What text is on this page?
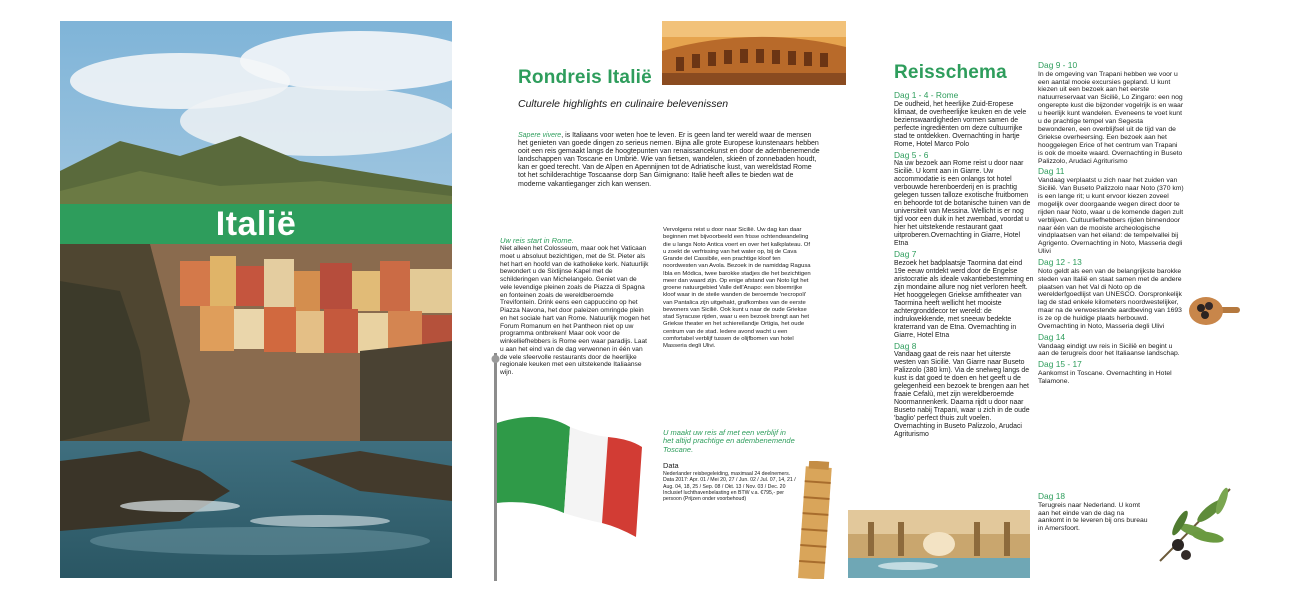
Italië
Rondreis Italië
Culturele highlights en culinaire belevenissen
Sapere vivere, is Italiaans voor weten hoe te leven. Er is geen land ter wereld waar de mensen het genieten van goede dingen zo serieus nemen. Bijna alle grote Europese kunstenaars hebben ooit een reis gemaakt langs de hoogtepunten van renaissancekunst en door de adembenemende landschappen van Toscane en Umbrië. Wie van fietsen, wandelen, skieën of zonnebaden houdt, kan er goed terecht. Van de Alpen en Apennijnen tot de Adriatische kust, van wereldstad Rome tot het schilderachtige Toscaanse dorp San Gimignano: Italië heeft alles te bieden wat de moderne vakantieganger zich kan wensen.
Uw reis start in Rome.
Niet alleen het Colosseum, maar ook het Vaticaan moet u absoluut bezichtigen, met de St. Pieter als het hart en hoofd van de katholieke kerk. Natuurlijk bewondert u de Sixtijnse Kapel met de schilderingen van Michelangelo. Geniet van de vele levendige pleinen zoals de Piazza di Spagna en fonteinen zoals de wereldberoemde Trevifontein. Drink eens een cappuccino op het Piazza Navona, het door paleizen omringde plein en het sociale hart van Rome. Natuurlijk mogen het Forum Romanum en het Pantheon niet op uw programma ontbreken! Maar ook voor de winkelliefhebbers is Rome een waar paradijs. Laat u aan het eind van de dag verwennen in één van de vele sfeervolle restaurants door de heerlijke regionale keuken met een uitstekende Italiaanse wijn.
Vervolgens reist u door naar Sicilië. Uw dag kan daar beginnen met bijvoorbeeld een frisse ochtendwandeling die u langs Noto Antica voert en over het kalkplateau. Of u zoekt de verfrissing van het water op, bij de Cava Grande del Cassibile, een prachtige kloof ten noordwesten van Avola. Bezoek in de namiddag Ragusa Ibla en Módica, twee barokke stadjes die het bezichtigen meer dan waard zijn. Op enige afstand van Noto ligt het groene natuurgebied Valle dell'Anapo: een bloemrijke kloof waar in de steile wanden de beroemde 'necropoli' van Pantalica zijn uitgehakt, grafkombes van de eerste bewoners van Sicilië. Ook kunt u naar de oude Griekse stad Syracuse rijden, waar u een bezoek brengt aan het Griekse theater en het schiereilandje Ortigia, het oude centrum van de stad. Iedere avond wacht u een comfortabel verblijf tussen de olijfbomen van hotel Masseria degli Ulivi.
U maakt uw reis af met een verblijf in het altijd prachtige en adembenemende Toscane.
Data
Nederlander reisbegeleiding, maximaal 24 deelnemers. Data 2017: Apr. 01 / Mei 20, 27 / Jun. 02 / Jul. 07, 14, 21 / Aug. 04, 18, 25 / Sep. 08 / Okt. 13 / Nov. 03 / Dec. 20 Inclusief luchthavenbelasting en BTW v.a. €795,- per persoon (Prijzen onder voorbehoud)
Reisschema
Dag 1 - 4 - Rome
De oudheid, het heerlijke Zuid-Eropese klimaat, de overheerlijke keuken en de vele bezienswaardigheden vormen samen de perfecte ingrediënten om deze cultuurrijke stad te ontdekken. Overnachting in hartje Rome, Hotel Marco Polo
Dag 5 - 6
Na uw bezoek aan Rome reist u door naar Sicilië. U komt aan in Giarre. Uw accommodatie is een onlangs tot hotel verbouwde herenboerderij en is prachtig gelegen tussen talloze exotische fruitbomen en behoorde tot de botanische tuinen van de universiteit van Messina. Wellicht is er nog tijd voor een duik in het zwembad, voordat u hier het uitstekende restaurant gaat uitproberen.Overnachting in Giarre, Hotel Etna
Dag 7
Bezoek het badplaatsje Taormina dat eind 19e eeuw ontdekt werd door de Engelse aristocratie als ideale vakantiebestemming en zijn mondaine allure nog niet verloren heeft. Het hooggelegen Griekse amfitheater van Taormina heeft wellicht het mooiste achtergronddecor ter wereld: de indrukwekkende, met sneeuw bedekte kraterrand van de Etna. Overnachting in Giarre, Hotel Etna
Dag 8
Vandaag gaat de reis naar het uiterste westen van Sicilië. Van Giarre naar Buseto Palizzolo (380 km). Via de snelweg langs de kust is dat goed te doen en het geeft u de gelegenheid een bezoek te brengen aan het fraaie Cefalù, met zijn wereldberoemde Noormannenkerk. Daarna rijdt u door naar Buseto nabij Trapani, waar u zich in de oude 'baglio' perfect thuis zult voelen. Overnachting in Buseto Palizzolo, Arudaci Agriturismo
Dag 9 - 10
In de omgeving van Trapani hebben we voor u een aantal mooie excursies gepland. U kunt kiezen uit een bezoek aan het eerste natuurreservaat van Sicilië, Lo Zingaro: een nog ongerepte kust die bijzonder vogelrijk is en waar u heerlijk kunt wandelen. Eveneens te voet kunt u de prachtige tempel van Segesta bewonderen, een overblijfsel uit de tijd van de Griekse overheersing. Een bezoek aan het hooggelegen Erice of het centrum van Trapani is ook de moeite waard. Overnachting in Buseto Palizzolo, Arudaci Agriturismo
Dag 11
Vandaag verplaatst u zich naar het zuiden van Sicilië. Van Buseto Palizzolo naar Noto (370 km) is een lange rit; u kunt ervoor kiezen zoveel mogelijk over doorgaande wegen direct door te rijden naar Noto, waar u de komende dagen zult verblijven. Cultuurliefhebbers rijden binnendoor naar één van de mooiste archeologische vindplaatsen van het eiland: de tempelvallei bij Agrigento. Overnachting in Noto, Masseria degli Ulivi
Dag 12 - 13
Noto geldt als een van de belangrijkste barokke steden van Italië en staat samen met de andere plaatsen van het Val di Noto op de werelderfgoedlijst van UNESCO. Oorspronkelijk lag de stad enkele kilometers noordwestelijker, maar na de verwoestende aardbeving van 1693 is ze op de huidige plaats herbouwd. Overnachting in Noto, Masseria degli Ulivi
Dag 14
Vandaag eindigt uw reis in Sicilië en begint u aan de terugreis door het Italiaanse landschap.
Dag 15 - 17
Aankomst in Toscane. Overnachting in Hotel Talamone.
Dag 18
Terugreis naar Nederland. U komt aan het einde van de dag na aankomt in te leveren bij ons bureau in Amersfoort.
